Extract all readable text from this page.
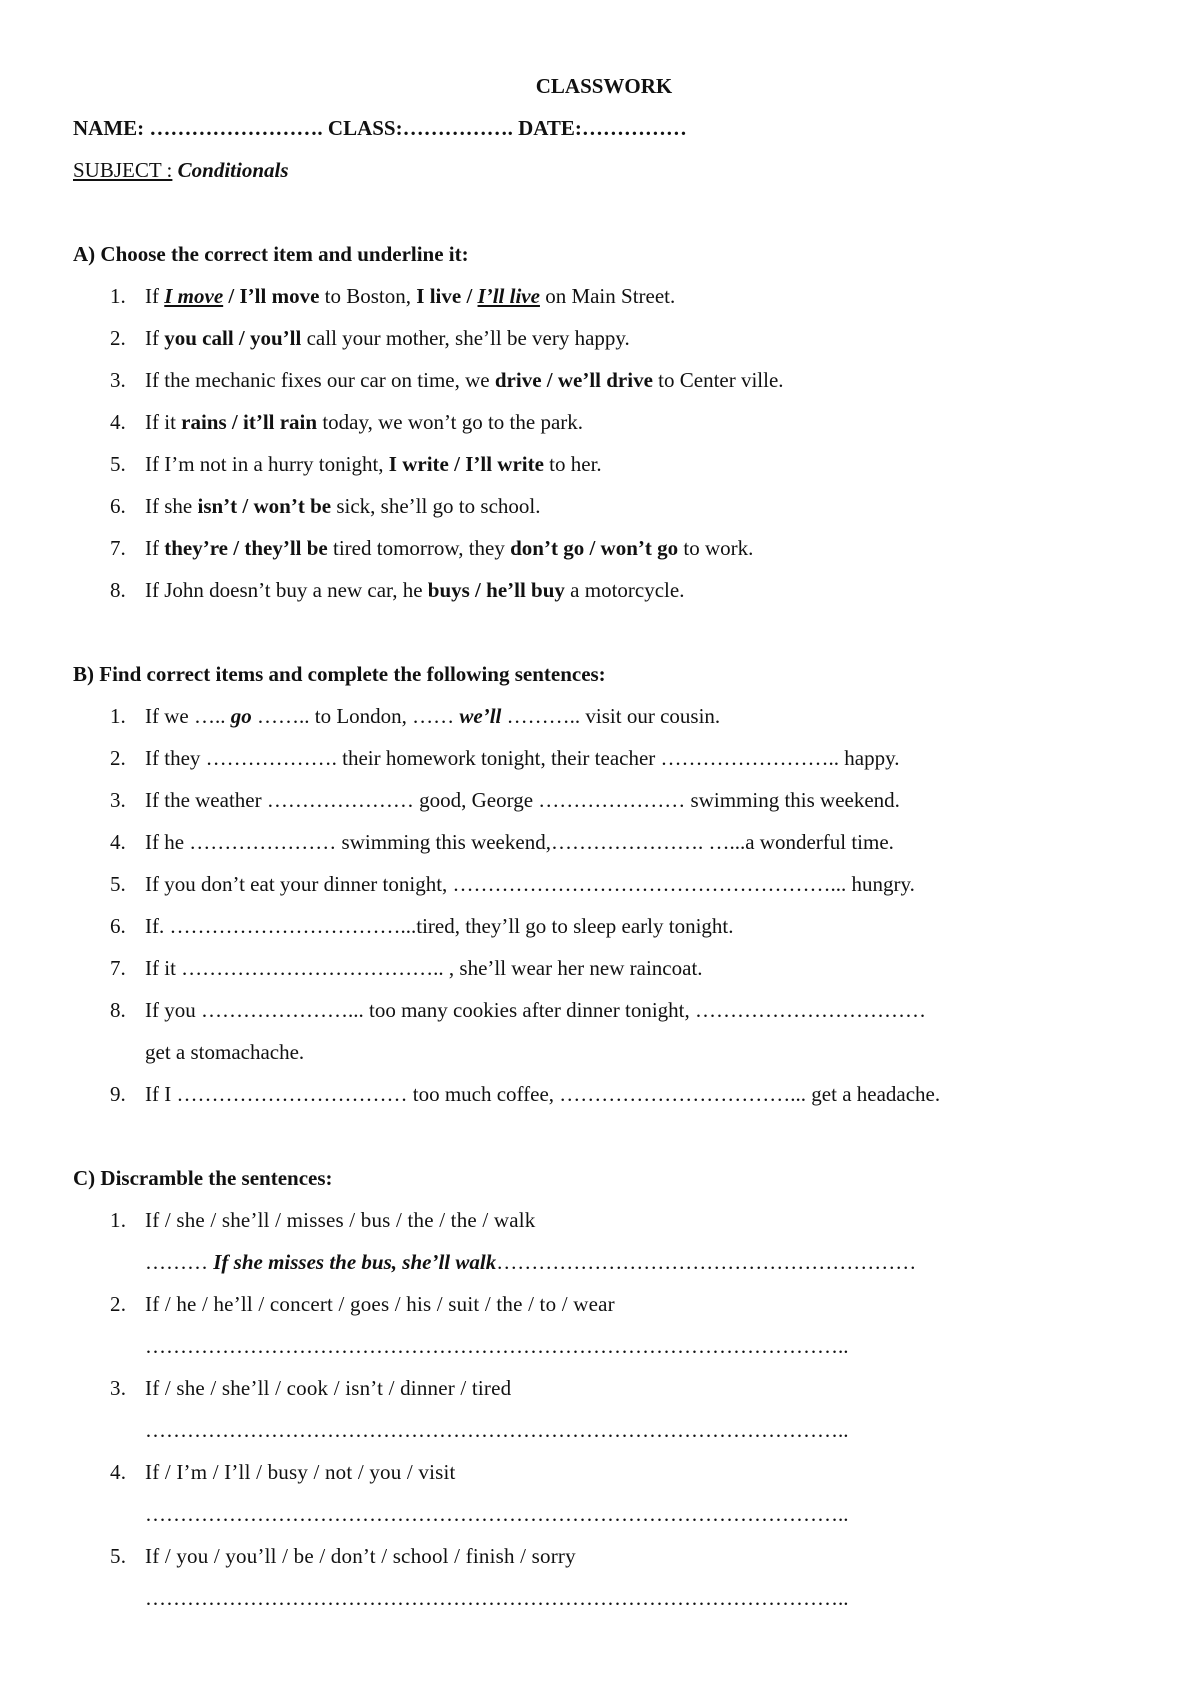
CLASSWORK
NAME: ……………………. CLASS:……………. DATE:……………
SUBJECT : Conditionals
A) Choose the correct item and underline it:
1. If I move / I’ll move to Boston, I live / I’ll live on Main Street.
2. If you call / you’ll call your mother, she’ll be very happy.
3. If the mechanic fixes our car on time, we drive / we’ll drive to Center ville.
4. If it rains / it’ll rain today, we won’t go to the park.
5. If I’m not in a hurry tonight, I write / I’ll write to her.
6. If she isn’t / won’t be sick, she’ll go to school.
7. If they’re / they’ll be tired tomorrow, they don’t go / won’t go to work.
8. If John doesn’t buy a new car, he buys / he’ll buy a motorcycle.
B) Find correct items and complete the following sentences:
1. If we ….. go …….. to London, …… we’ll ……….. visit our cousin.
2. If they ………………. their homework tonight, their teacher …………………….. happy.
3. If the weather ………………… good, George ………………… swimming this weekend.
4. If he ………………… swimming this weekend,…………………. …...a wonderful time.
5. If you don’t eat your dinner tonight, ………………………………………………... hungry.
6. If. ……………………………...tired, they’ll go to sleep early tonight.
7. If it ……………………………….. , she’ll wear her new raincoat.
8. If you …………………... too many cookies after dinner tonight, ……………………………
get a stomachache.
9. If I …………………………… too much coffee, ……………………………... get a headache.
C) Discramble the sentences:
1. If / she / she’ll / misses / bus / the / the / walk
……… If she misses the bus, she’ll walk……………………………………………………
2. If / he / he’ll / concert / goes / his / suit / the / to / wear
………………………………………………………………………………………..
3. If / she / she’ll / cook / isn’t / dinner / tired
………………………………………………………………………………………..
4. If / I’m / I’ll / busy / not / you / visit
………………………………………………………………………………………..
5. If / you / you’ll / be / don’t / school / finish / sorry
………………………………………………………………………………………..
